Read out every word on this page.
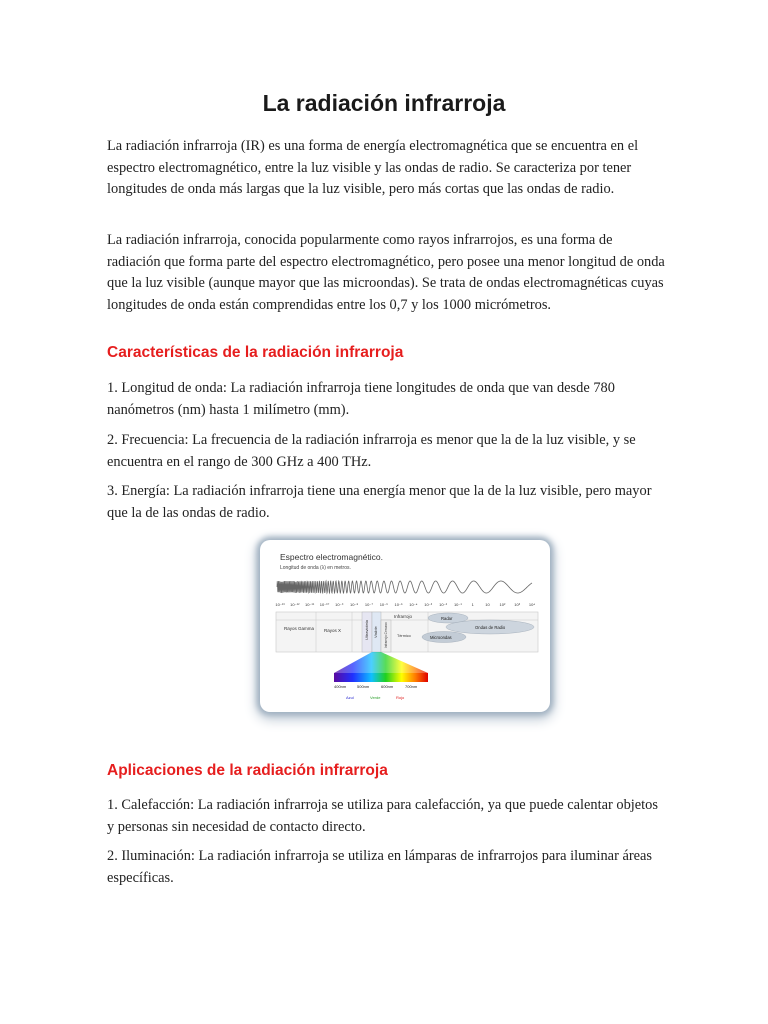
La radiación infrarroja

La radiación infrarroja (IR) es una forma de energía electromagnética que se encuentra en el espectro electromagnético, entre la luz visible y las ondas de radio. Se caracteriza por tener longitudes de onda más largas que la luz visible, pero más cortas que las ondas de radio.

La radiación infrarroja, conocida popularmente como rayos infrarrojos, es una forma de radiación que forma parte del espectro electromagnético, pero posee una menor longitud de onda que la luz visible (aunque mayor que las microondas). Se trata de ondas electromagnéticas cuyas longitudes de onda están comprendidas entre los 0,7 y los 1000 micrómetros.

Características de la radiación infrarroja

1. Longitud de onda: La radiación infrarroja tiene longitudes de onda que van desde 780 nanómetros (nm) hasta 1 milímetro (mm).

2. Frecuencia: La frecuencia de la radiación infrarroja es menor que la de la luz visible, y se encuentra en el rango de 300 GHz a 400 THz.

3. Energía: La radiación infrarroja tiene una energía menor que la de la luz visible, pero mayor que la de las ondas de radio.

Espectro electromagnético.
Longitud de onda (λ) en metros.
10⁻¹³ 10⁻¹² 10⁻¹¹ 10⁻¹⁰ 10⁻⁹ 10⁻⁸ 10⁻⁷ 10⁻⁶ 10⁻⁵ 10⁻⁴ 10⁻³ 10⁻² 10⁻¹ 1	10 10² 10³ 10⁴
Rayos Gamma Rayos X	Ultravioleta Visible Infrarrojo Cercano
Infrarrojo
Térmico
Radar
Ondas de Radio
Microondas
400nm	500nm	600nm	700nm
Azul	Verde	Rojo
Aplicaciones de la radiación infrarroja

1. Calefacción: La radiación infrarroja se utiliza para calefacción, ya que puede calentar objetos y personas sin necesidad de contacto directo.

2. Iluminación: La radiación infrarroja se utiliza en lámparas de infrarrojos para iluminar áreas específicas.
